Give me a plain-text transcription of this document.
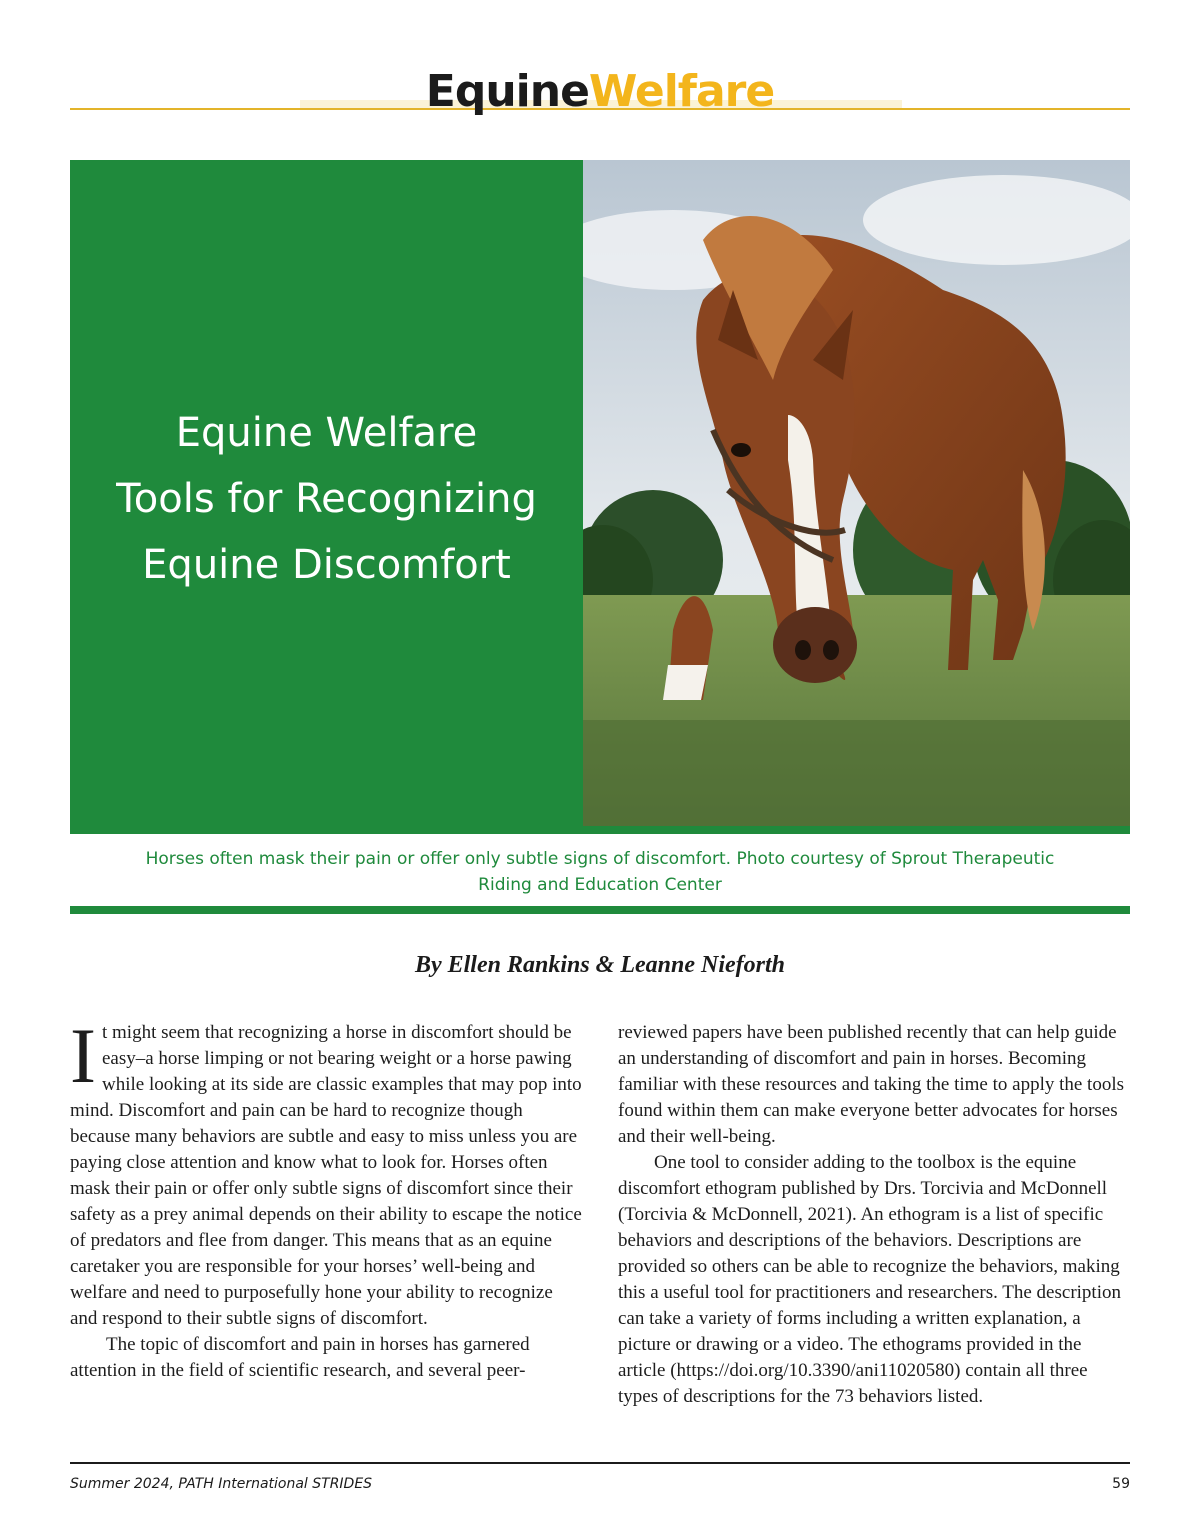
EquineWelfare
Equine Welfare
Tools for Recognizing
Equine Discomfort

Horses often mask their pain or offer only subtle signs of discomfort. Photo courtesy of Sprout Therapeutic Riding and Education Center

By Ellen Rankins & Leanne Nieforth

It might seem that recognizing a horse in discomfort should be easy–a horse limping or not bearing weight or a horse pawing while looking at its side are classic examples that may pop into mind. Discomfort and pain can be hard to recognize though because many behaviors are subtle and easy to miss unless you are paying close attention and know what to look for. Horses often mask their pain or offer only subtle signs of discomfort since their safety as a prey animal depends on their ability to escape the notice of predators and flee from danger. This means that as an equine caretaker you are responsible for your horses’ well-being and welfare and need to purposefully hone your ability to recognize and respond to their subtle signs of discomfort.

The topic of discomfort and pain in horses has garnered attention in the field of scientific research, and several peer-

reviewed papers have been published recently that can help guide an understanding of discomfort and pain in horses. Becoming familiar with these resources and taking the time to apply the tools found within them can make everyone better advocates for horses and their well-being.

One tool to consider adding to the toolbox is the equine discomfort ethogram published by Drs. Torcivia and McDonnell (Torcivia & McDonnell, 2021). An ethogram is a list of specific behaviors and descriptions of the behaviors. Descriptions are provided so others can be able to recognize the behaviors, making this a useful tool for practitioners and researchers. The description can take a variety of forms including a written explanation, a picture or drawing or a video. The ethograms provided in the article (https://doi.org/10.3390/ani11020580) contain all three types of descriptions for the 73 behaviors listed.

Summer 2024, PATH International STRIDES	59
